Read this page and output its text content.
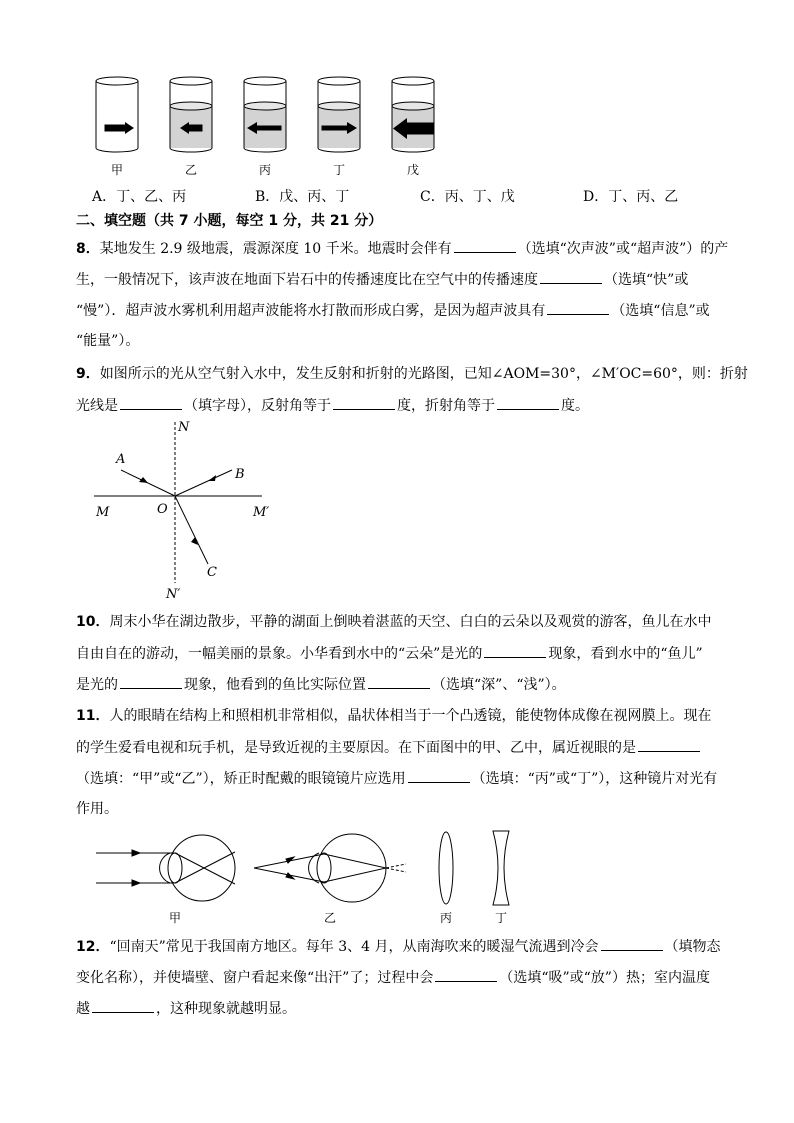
甲	乙	丙	丁	戊
A．丁、乙、丙	B．戊、丙、丁	C．丙、丁、戊	D．丁、丙、乙
二、填空题（共 7 小题，每空 1 分，共 21 分）
8．某地发生 2.9 级地震，震源深度 10 千米。地震时会伴有	（选填“次声波”或“超声波”）的产
生，一般情况下，该声波在地面下岩石中的传播速度比在空气中的传播速度	（选填“快”或
“慢”）．超声波水雾机利用超声波能将水打散而形成白雾，是因为超声波具有	（选填“信息”或
“能量”）。
9．如图所示的光从空气射入水中，发生反射和折射的光路图，已知∠AOM=30°，∠M′OC=60°，则：折射
光线是	（填字母），反射角等于	度，折射角等于	度。
N
A
B
M	O	M′
C
N′
10．周末小华在湖边散步，平静的湖面上倒映着湛蓝的天空、白白的云朵以及观赏的游客，鱼儿在水中
自由自在的游动，一幅美丽的景象。小华看到水中的“云朵”是光的	现象，看到水中的“鱼儿”
是光的	现象，他看到的鱼比实际位置	（选填“深”、“浅”）。
11．人的眼睛在结构上和照相机非常相似，晶状体相当于一个凸透镜，能使物体成像在视网膜上。现在
的学生爱看电视和玩手机，是导致近视的主要原因。在下面图中的甲、乙中，属近视眼的是
（选填：“甲”或“乙”），矫正时配戴的眼镜镜片应选用	（选填：“丙”或“丁”），这种镜片对光有
作用。
甲	乙	丙	丁
12．“回南天”常见于我国南方地区。每年 3、4 月，从南海吹来的暖湿气流遇到冷会	（填物态
变化名称），并使墙壁、窗户看起来像“出汗”了；过程中会	（选填“吸”或“放”）热；室内温度
越	，这种现象就越明显。
